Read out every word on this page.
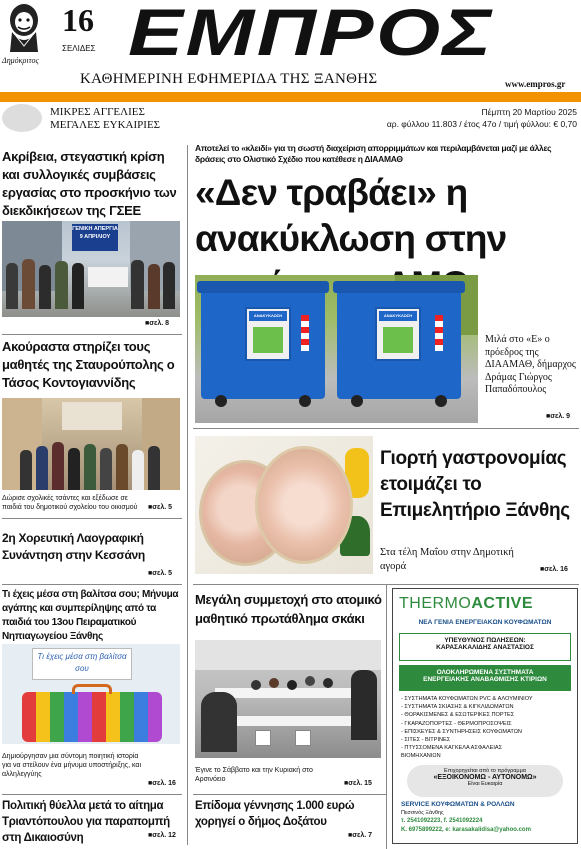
Δημόκριτος
16
ΣΕΛΙΔΕΣ ΕΜΠΡΟΣ
ΚΑΘΗΜΕΡΙΝΗ ΕΦΗΜΕΡΙΔΑ ΤΗΣ ΞΑΝΘΗΣ	www.empros.gr
ΜΙΚΡΕΣ ΑΓΓΕΛΙΕΣ
ΜΕΓΑΛΕΣ ΕΥΚΑΙΡΙΕΣ
Πέμπτη 20 Μαρτίου 2025
αρ. φύλλου 11.803 / έτος 47ο / τιμή φύλλου: € 0,70
Ακρίβεια, στεγαστική κρίση και συλλογικές συμβάσεις εργασίας στο προσκήνιο των διεκδικήσεων της ΓΣΕΕ
ΓΕΝΙΚΗ ΑΠΕΡΓΙΑ 9 ΑΠΡΙΛΙΟΥ
■ σελ. 8
Ακούραστα στηρίζει τους μαθητές της Σταυρούπολης ο Τάσος Κοντογιαννίδης
Δώρισε σχολικές τσάντες και εξέδωσε σε παιδιά του δημοτικού σχολείου του οικισμού	■ σελ. 5
2η Χορευτική Λαογραφική Συνάντηση στην Κεσσάνη
■ σελ. 5
Τι έχεις μέσα στη βαλίτσα σου; Μήνυμα αγάπης και συμπερίληψης από τα παιδιά του 13ου Πειραματικού Νηπιαγωγείου Ξάνθης
Τι έχεις μέσα στη βαλίτσα σου
Δημιούργησαν μια σύντομη ποιητική ιστορία για να στείλουν ένα μήνυμα υποστήριξης, και αλληλεγγύης
■ σελ. 16
Πολιτική θύελλα μετά το αίτημα Τριαντόπουλου για παραπομπή στη Δικαιοσύνη	■ σελ. 12
Αποτελεί το «κλειδί» για τη σωστή διαχείριση απορριμμάτων και περιλαμβάνεται μαζί με άλλες δράσεις στο Ολιστικό Σχέδιο που κατέθεσε η ΔΙΑΑΜΑΘ
«Δεν τραβάει» η ανακύκλωση στην
ΑΝΑΚΥΚΛΩΣΗ	ΑΝΑΚΥΚΛΩΣΗ
Μιλά στο «Ε» ο πρόεδρος της ΔΙΑΑΜΑΘ, δήμαρχος Δράμας Γιώργος Παπαδόπουλος
■ σελ. 9
Γιορτή γαστρονομίας ετοιμάζει το Επιμελητήριο Ξάνθης
Στα τέλη Μαΐου στην Δημοτική αγορά	■ σελ. 16
Μεγάλη συμμετοχή στο ατομικό μαθητικό πρωτάθλημα σκάκι
Έγινε το Σάββατο και την Κυριακή στο Αρσινόειο
■ σελ. 15
Επίδομα γέννησης 1.000 ευρώ χορηγεί ο δήμος Δοξάτου
■ σελ. 7
THERMOACTIVE
ΝΕΑ ΓΕΝΙΑ ΕΝΕΡΓΕΙΑΚΩΝ ΚΟΥΦΩΜΑΤΩΝ
ΥΠΕΥΘΥΝΟΣ ΠΩΛΗΣΕΩΝ:
ΚΑΡΑΣΑΚΑΛΙΔΗΣ ΑΝΑΣΤΑΣΙΟΣ
ΟΛΟΚΛΗΡΩΜΕΝΑ ΣΥΣΤΗΜΑΤΑ
ΕΝΕΡΓΕΙΑΚΗΣ ΑΝΑΒΑΘΜΙΣΗΣ ΚΤΙΡΙΩΝ
- ΣΥΣΤΗΜΑΤΑ ΚΟΥΦΩΜΑΤΩΝ PVC & ΑΛΟΥΜΙΝΙΟΥ
- ΣΥΣΤΗΜΑΤΑ ΣΚΙΑΣΗΣ & ΚΙΓΚΛΙΔΩΜΑΤΩΝ
- ΘΩΡΑΚΙΣΜΕΝΕΣ & ΕΣΩΤΕΡΙΚΕΣ ΠΟΡΤΕΣ
- ΓΚΑΡΑΖΟΠΟΡΤΕΣ - ΘΕΡΜΟΠΡΟΣΟΨΕΙΣ
- ΕΠΙΣΚΕΥΕΣ & ΣΥΝΤΗΡΗΣΕΙΣ ΚΟΥΦΩΜΑΤΩΝ
- ΣΙΤΕΣ - ΒΙΤΡΙΝΕΣ
- ΠΤΥΣΣΟΜΕΝΑ ΚΑΓΚΕΛΑ ΑΣΦΑΛΕΙΑΣ
ΒΙΟΜΗΧΑΝΙΩΝ
Επιχορηγείται από το πρόγραμμα
«ΕΞΟΙΚΟΝΟΜΩ - ΑΥΤΟΝΟΜΩ»
Είναι Ευκαιρία
SERVICE ΚΟΥΦΩΜΑΤΩΝ & ΡΟΛΛΩΝ
Πεσσινός Ξάνθης
τ. 2541092223, f. 2541092224
Κ. 6975899222, e: karasakalidisa@yahoo.com
